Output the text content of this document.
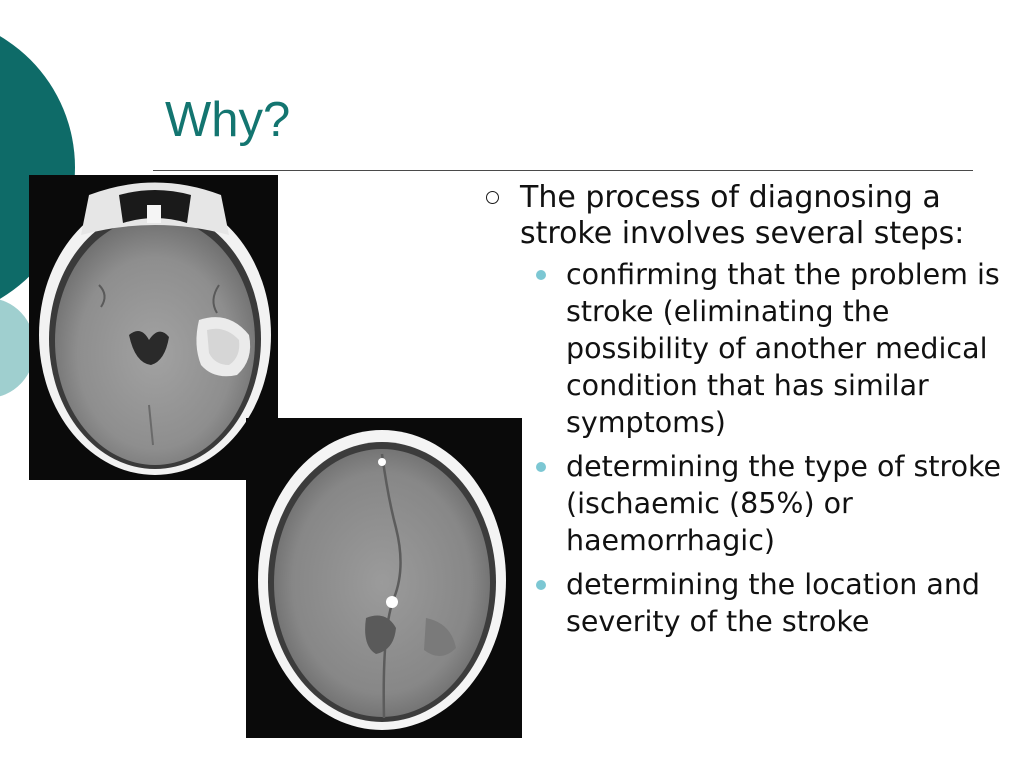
Why?
The process of diagnosing a stroke involves several steps:
confirming that the problem is stroke (eliminating the possibility of another medical condition that has similar symptoms)
determining the type of stroke (ischaemic (85%) or haemorrhagic)
determining the location and severity of the stroke
